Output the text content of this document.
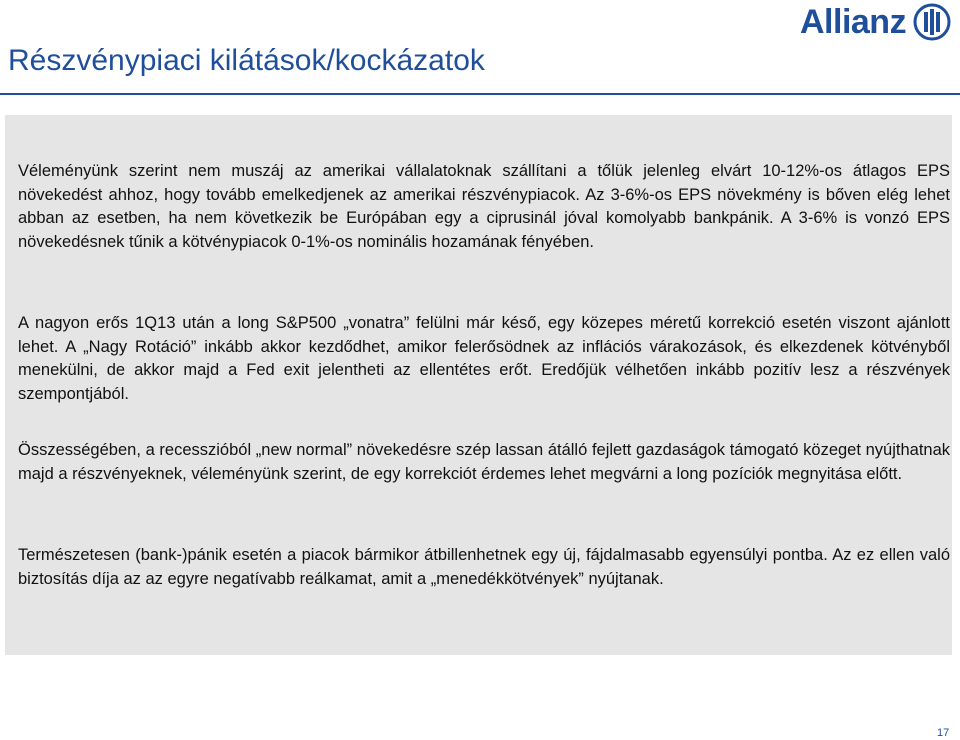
Allianz
Részvénypiaci kilátások/kockázatok
Véleményünk szerint nem muszáj az amerikai vállalatoknak szállítani a tőlük jelenleg elvárt 10-12%-os átlagos EPS növekedést ahhoz, hogy tovább emelkedjenek az amerikai részvénypiacok. Az 3-6%-os EPS növekmény is bőven elég lehet abban az esetben, ha nem következik be Európában egy a ciprusinál jóval komolyabb bankpánik. A 3-6% is vonzó EPS növekedésnek tűnik a kötvénypiacok 0-1%-os nominális hozamának fényében.
A nagyon erős 1Q13 után a long S&P500 „vonatra” felülni már késő, egy közepes méretű korrekció esetén viszont ajánlott lehet. A „Nagy Rotáció” inkább akkor kezdődhet, amikor felerősödnek az inflációs várakozások, és elkezdenek kötvényből menekülni, de akkor majd a Fed exit jelentheti az ellentétes erőt. Eredőjük vélhetően inkább pozitív lesz a részvények szempontjából.
Összességében, a recesszióból „new normal” növekedésre szép lassan átálló fejlett gazdaságok támogató közeget nyújthatnak majd a részvényeknek, véleményünk szerint, de egy korrekciót érdemes lehet megvárni a long pozíciók megnyitása előtt.
Természetesen (bank-)pánik esetén a piacok bármikor átbillenhetnek egy új, fájdalmasabb egyensúlyi pontba. Az ez ellen való biztosítás díja az az egyre negatívabb reálkamat, amit a „menedékkötvények” nyújtanak.
17
